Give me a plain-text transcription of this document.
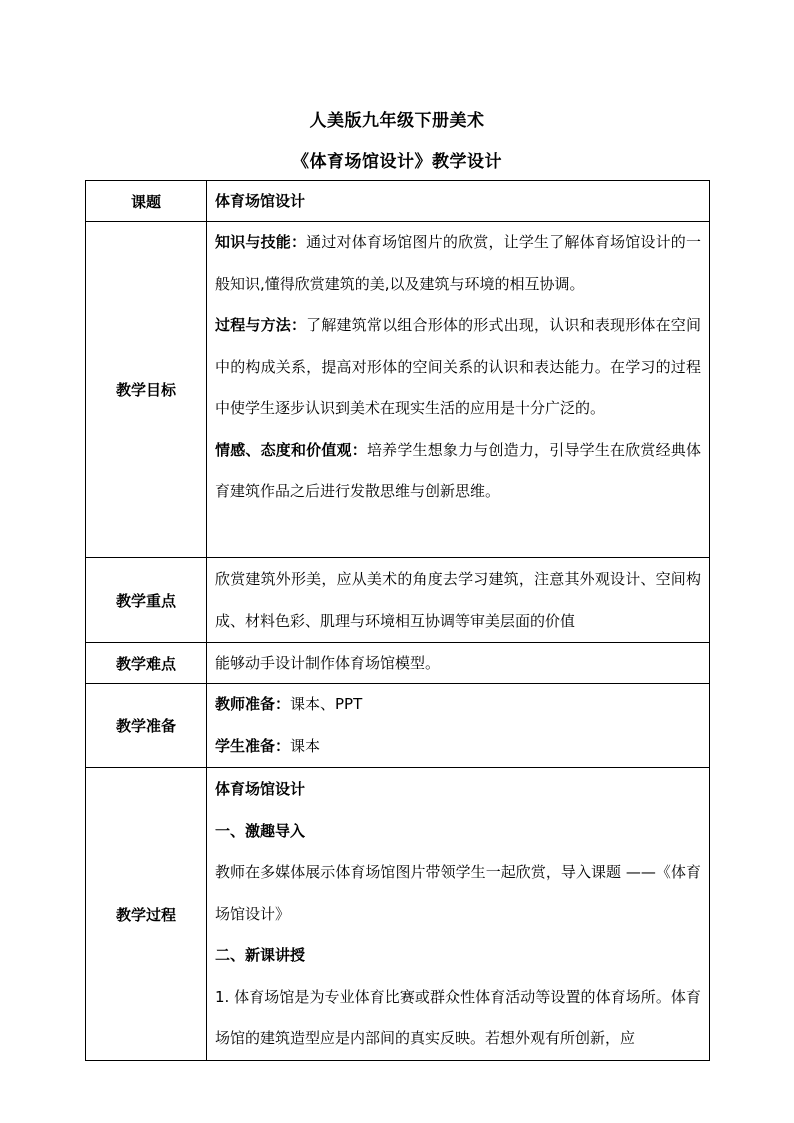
人美版九年级下册美术
《体育场馆设计》教学设计
课题	体育场馆设计
教学目标	知识与技能：通过对体育场馆图片的欣赏，让学生了解体育场馆设计的一般知识,懂得欣赏建筑的美,以及建筑与环境的相互协调。
过程与方法：了解建筑常以组合形体的形式出现，认识和表现形体在空间中的构成关系，提高对形体的空间关系的认识和表达能力。在学习的过程中使学生逐步认识到美术在现实生活的应用是十分广泛的。
情感、态度和价值观：培养学生想象力与创造力，引导学生在欣赏经典体育建筑作品之后进行发散思维与创新思维。

教学重点	欣赏建筑外形美，应从美术的角度去学习建筑，注意其外观设计、空间构成、材料色彩、肌理与环境相互协调等审美层面的价值

教学难点	能够动手设计制作体育场馆模型。
教学准备	教师准备：课本、PPT
学生准备：课本

教学过程	体育场馆设计
一、激趣导入
教师在多媒体展示体育场馆图片带领学生一起欣赏，导入课题 ——《体育场馆设计》
二、新课讲授
1. 体育场馆是为专业体育比赛或群众性体育活动等设置的体育场所。体育场馆的建筑造型应是内部间的真实反映。若想外观有所创新，应
